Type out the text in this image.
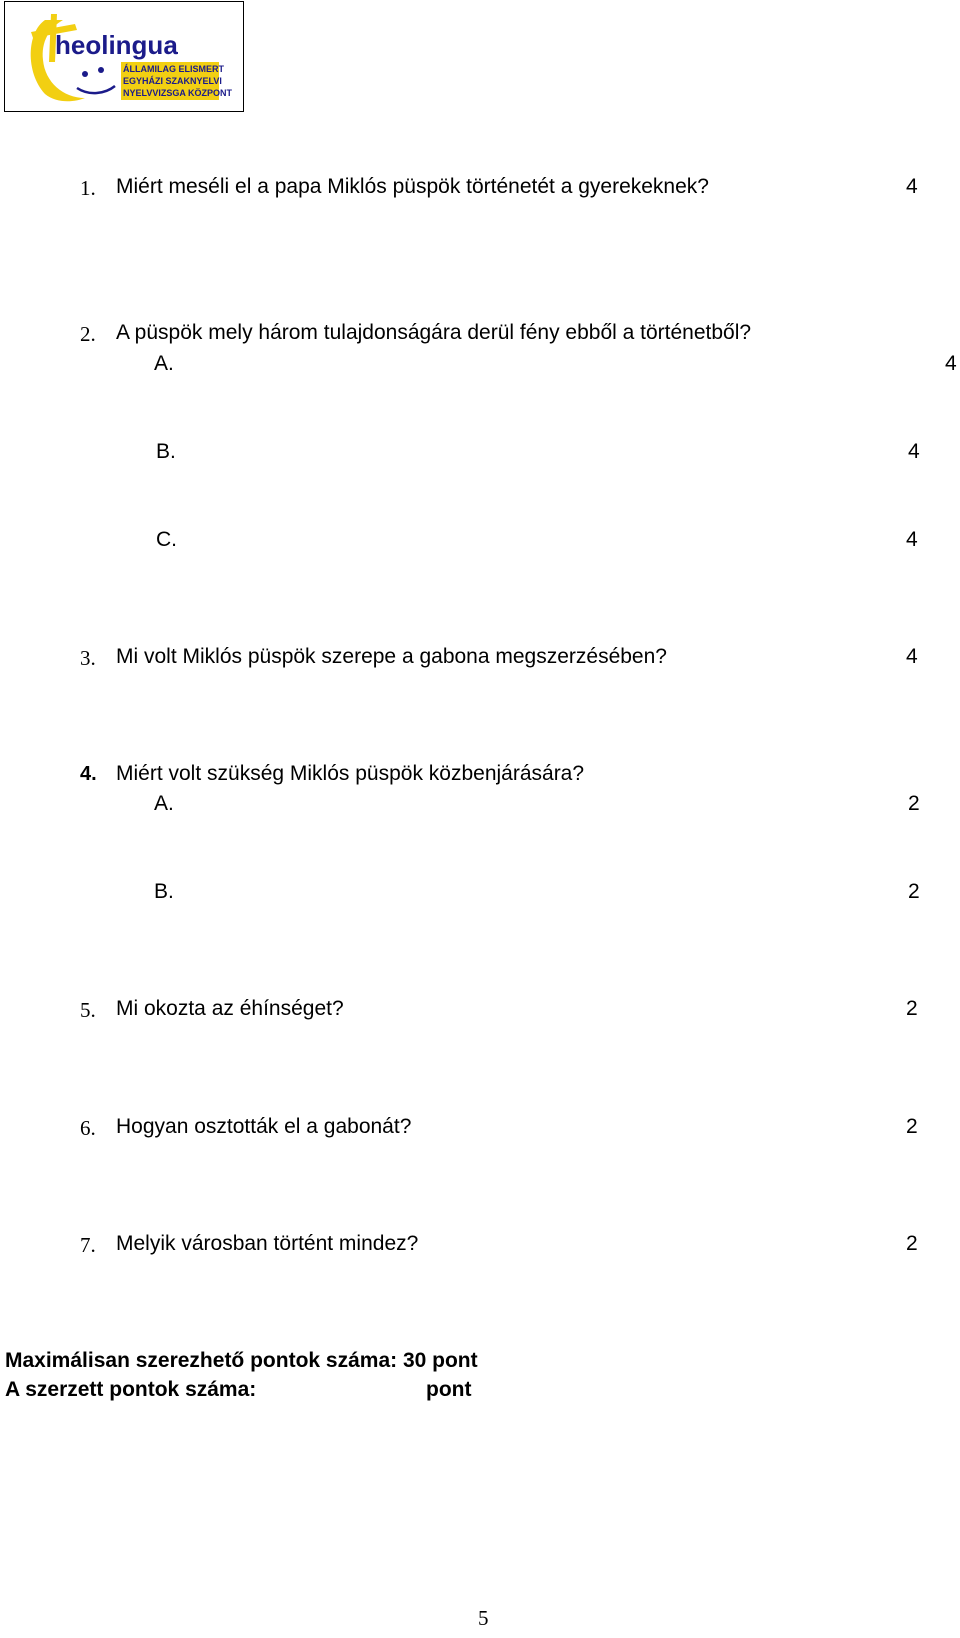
heolingua
ÁLLAMILAG ELISMERT
EGYHÁZI SZAKNYELVI
NYELVVIZSGA KÖZPONT
1. Miért meséli el a papa Miklós püspök történetét a gyerekeknek?	4
2. A püspök mely három tulajdonságára derül fény ebből a történetből?
A.	4
B.	4
C.	4
3. Mi volt Miklós püspök szerepe a gabona megszerzésében?	4
4. Miért volt szükség Miklós püspök közbenjárására?
A.	2
B.	2
5. Mi okozta az éhínséget?	2
6. Hogyan osztották el a gabonát?	2
7. Melyik városban történt mindez?	2
Maximálisan szerezhető pontok száma: 30 pont
A szerzett pontok száma:	pont
5
